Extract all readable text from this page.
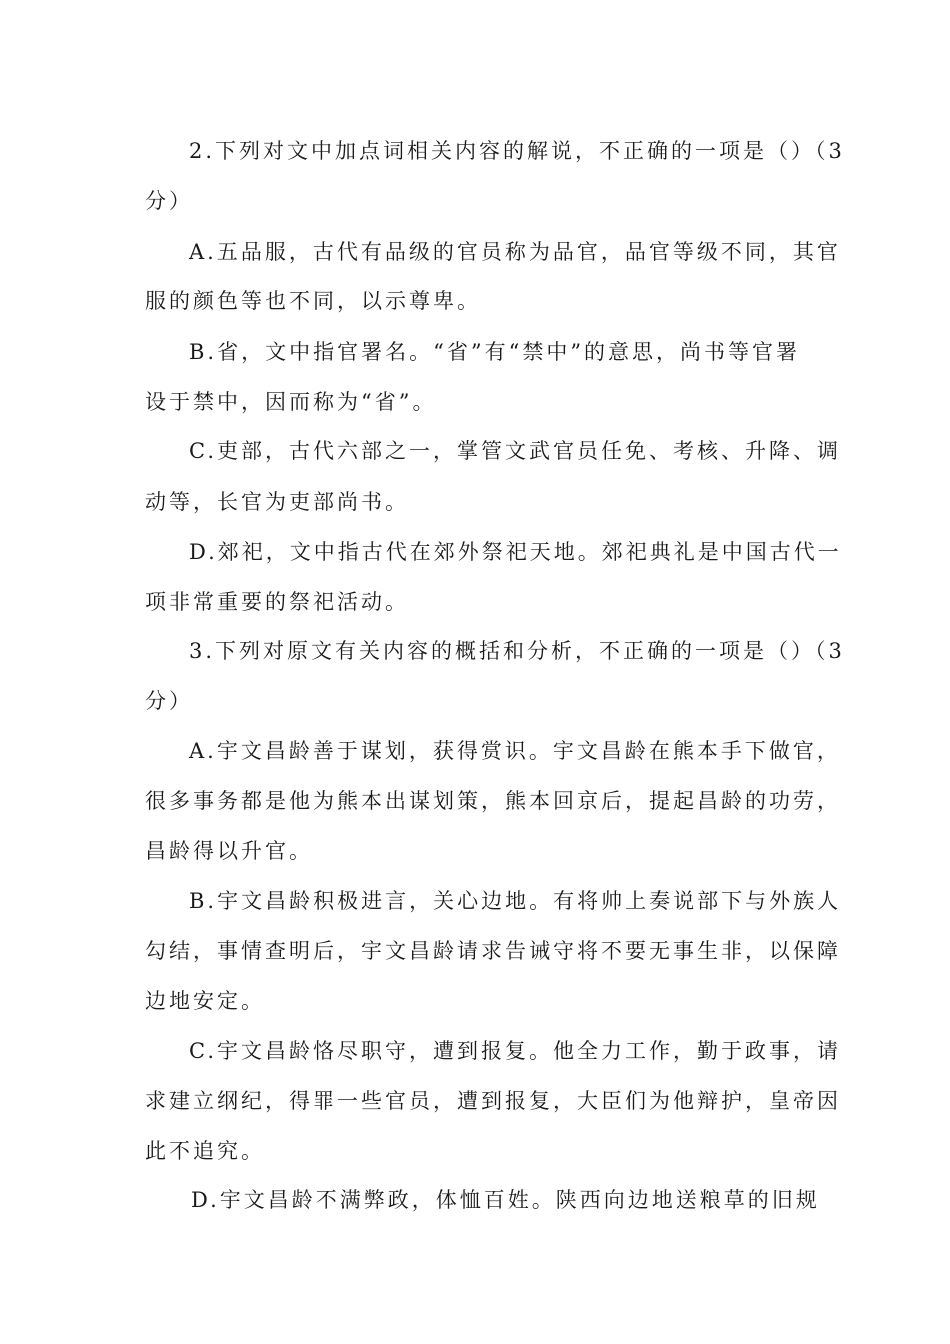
2.下列对文中加点词相关内容的解说，不正确的一项是（）（3
分）
A.五品服，古代有品级的官员称为品官，品官等级不同，其官
服的颜色等也不同，以示尊卑。
B.省，文中指官署名。“省”有“禁中”的意思，尚书等官署
设于禁中，因而称为“省”。
C.吏部，古代六部之一，掌管文武官员任免、考核、升降、调
动等，长官为吏部尚书。
D.郊祀，文中指古代在郊外祭祀天地。郊祀典礼是中国古代一
项非常重要的祭祀活动。
3.下列对原文有关内容的概括和分析，不正确的一项是（）（3
分）
A.宇文昌龄善于谋划，获得赏识。宇文昌龄在熊本手下做官，
很多事务都是他为熊本出谋划策，熊本回京后，提起昌龄的功劳，
昌龄得以升官。
B.宇文昌龄积极进言，关心边地。有将帅上奏说部下与外族人
勾结，事情查明后，宇文昌龄请求告诫守将不要无事生非，以保障
边地安定。
C.宇文昌龄恪尽职守，遭到报复。他全力工作，勤于政事，请
求建立纲纪，得罪一些官员，遭到报复，大臣们为他辩护，皇帝因
此不追究。
D.宇文昌龄不满弊政，体恤百姓。陕西向边地送粮草的旧规
